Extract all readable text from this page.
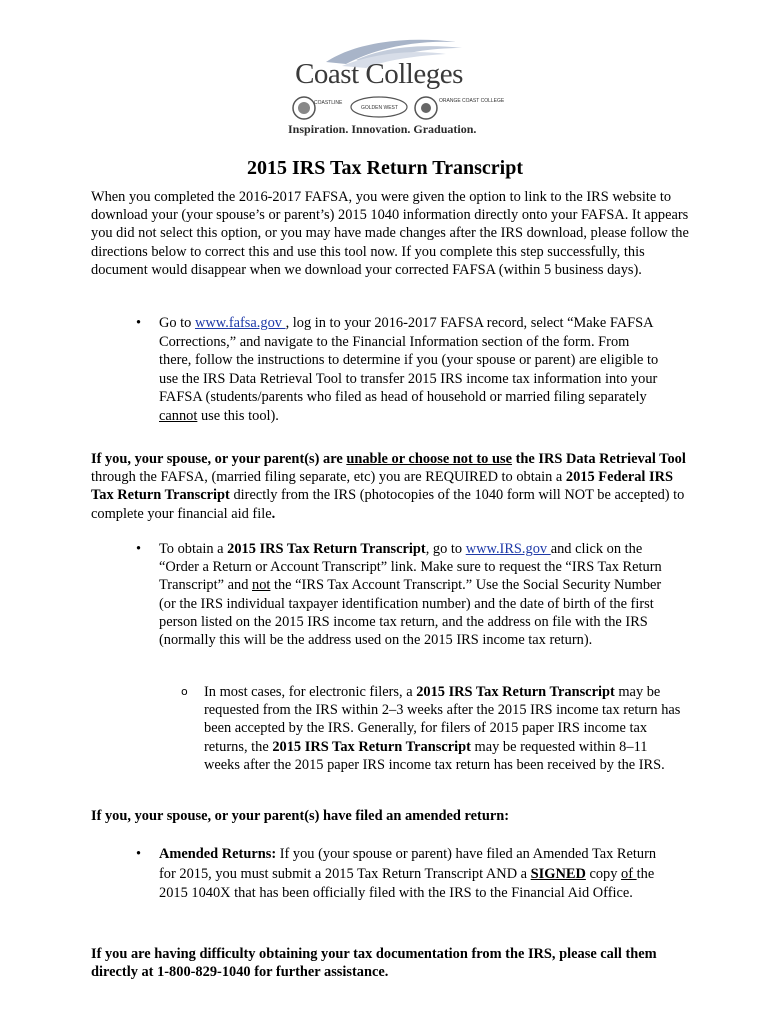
Coast Colleges
COASTLINE
GOLDEN WEST
ORANGE COAST COLLEGE
Inspiration. Innovation. Graduation.
2015 IRS Tax Return Transcript

When you completed the 2016-2017 FAFSA, you were given the option to link to the IRS website to download your (your spouse’s or parent’s) 2015 1040 information directly onto your FAFSA. It appears you did not select this option, or you may have made changes after the IRS download, please follow the directions below to correct this and use this tool now. If you complete this step successfully, this document would disappear when we download your corrected FAFSA (within 5 business days).

• Go to www.fafsa.gov , log in to your 2016-2017 FAFSA record, select “Make FAFSA Corrections,” and navigate to the Financial Information section of the form. From there, follow the instructions to determine if you (your spouse or parent) are eligible to use the IRS Data Retrieval Tool to transfer 2015 IRS income tax information into your FAFSA (students/parents who filed as head of household or married filing separately cannot use this tool).

If you, your spouse, or your parent(s) are unable or choose not to use the IRS Data Retrieval Tool through the FAFSA, (married filing separate, etc) you are REQUIRED to obtain a 2015 Federal IRS Tax Return Transcript directly from the IRS (photocopies of the 1040 form will NOT be accepted) to complete your financial aid file.

• To obtain a 2015 IRS Tax Return Transcript, go to www.IRS.gov and click on the “Order a Return or Account Transcript” link. Make sure to request the “IRS Tax Return Transcript” and not the “IRS Tax Account Transcript.” Use the Social Security Number (or the IRS individual taxpayer identification number) and the date of birth of the first person listed on the 2015 IRS income tax return, and the address on file with the IRS (normally this will be the address used on the 2015 IRS income tax return).

o In most cases, for electronic filers, a 2015 IRS Tax Return Transcript may be requested from the IRS within 2–3 weeks after the 2015 IRS income tax return has been accepted by the IRS. Generally, for filers of 2015 paper IRS income tax returns, the 2015 IRS Tax Return Transcript may be requested within 8–11 weeks after the 2015 paper IRS income tax return has been received by the IRS.

If you, your spouse, or your parent(s) have filed an amended return:

• Amended Returns: If you (your spouse or parent) have filed an Amended Tax Return for 2015, you must submit a 2015 Tax Return Transcript AND a SIGNED copy of the 2015 1040X that has been officially filed with the IRS to the Financial Aid Office.

If you are having difficulty obtaining your tax documentation from the IRS, please call them directly at 1-800-829-1040 for further assistance.
